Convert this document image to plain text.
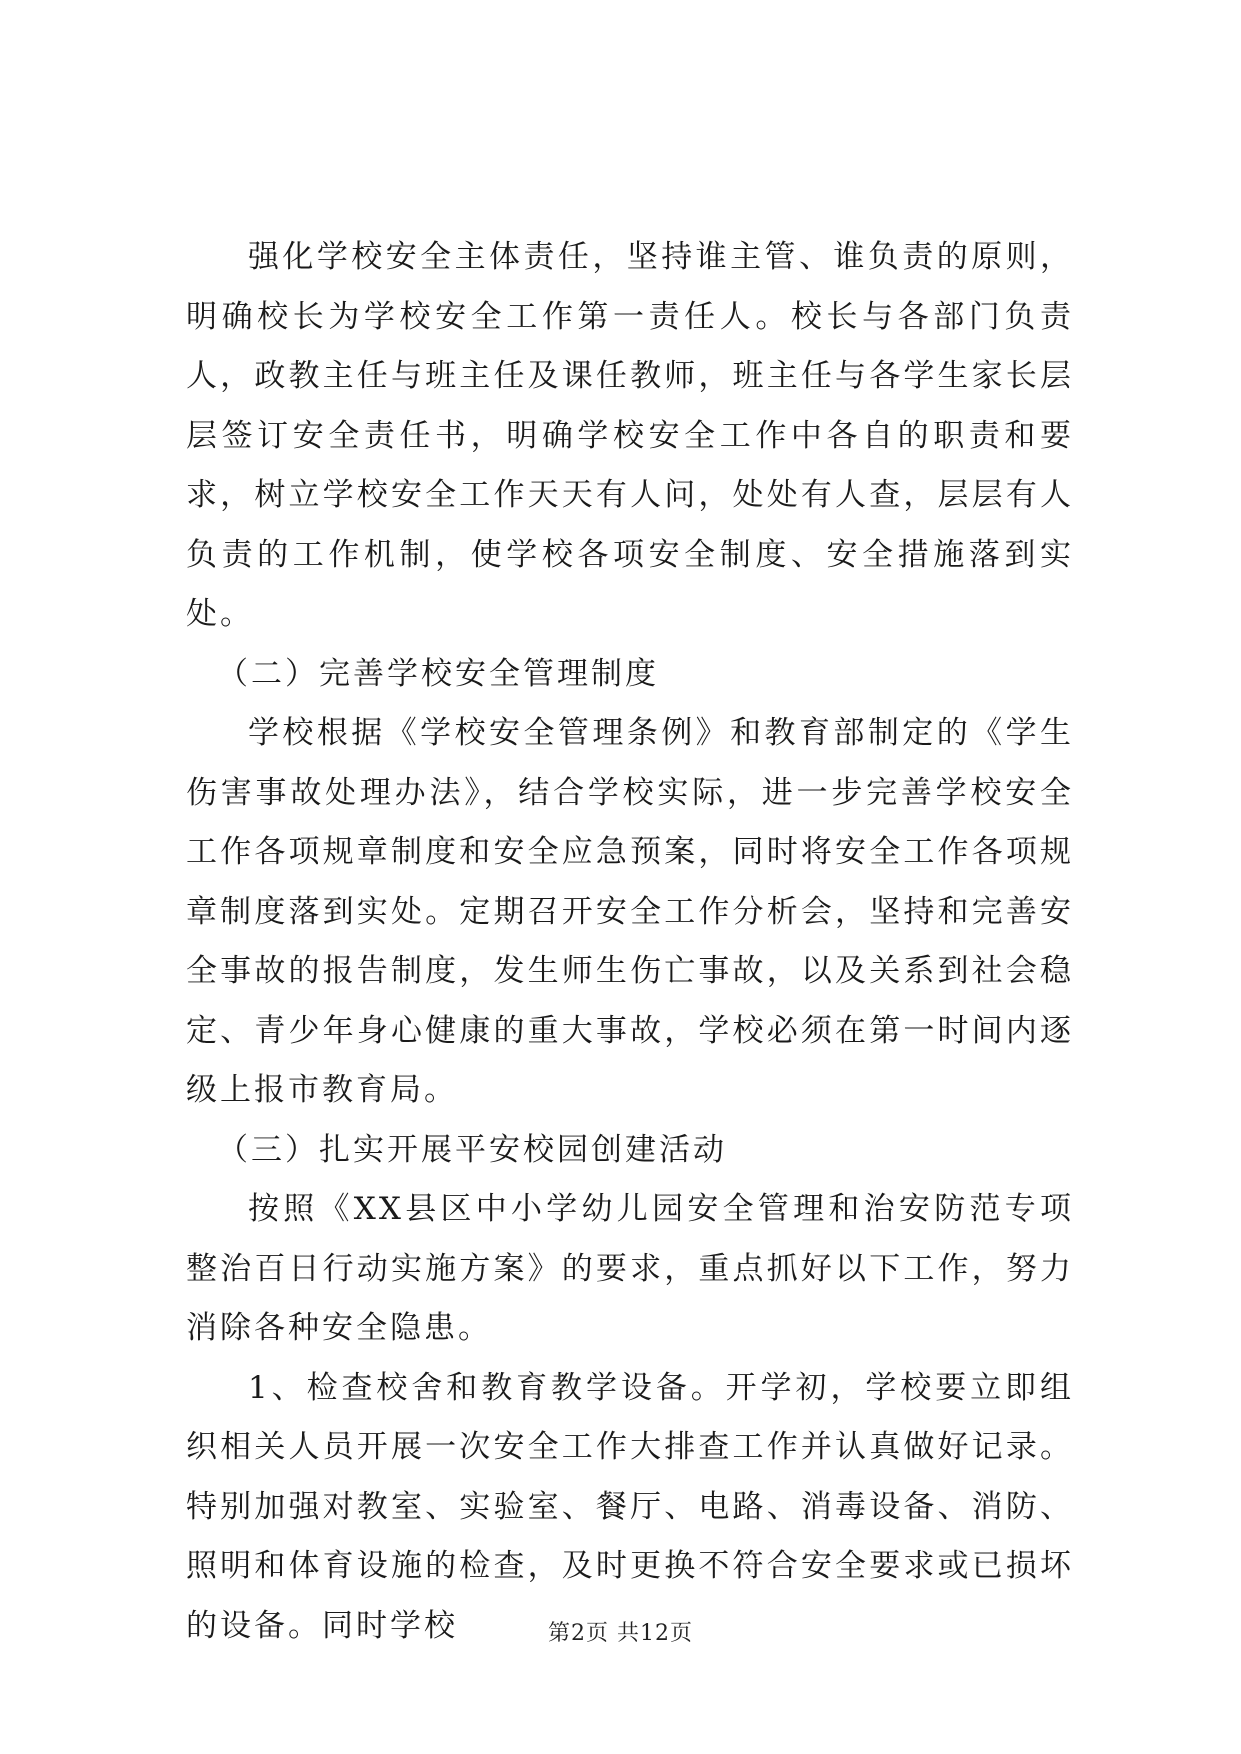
强化学校安全主体责任，坚持谁主管、谁负责的原则，明确校长为学校安全工作第一责任人。校长与各部门负责人，政教主任与班主任及课任教师，班主任与各学生家长层层签订安全责任书，明确学校安全工作中各自的职责和要求，树立学校安全工作天天有人问，处处有人查，层层有人负责的工作机制，使学校各项安全制度、安全措施落到实处。

（二）完善学校安全管理制度

学校根据《学校安全管理条例》和教育部制定的《学生伤害事故处理办法》，结合学校实际，进一步完善学校安全工作各项规章制度和安全应急预案，同时将安全工作各项规章制度落到实处。定期召开安全工作分析会，坚持和完善安全事故的报告制度，发生师生伤亡事故，以及关系到社会稳定、青少年身心健康的重大事故，学校必须在第一时间内逐级上报市教育局。

（三）扎实开展平安校园创建活动

按照《XX县区中小学幼儿园安全管理和治安防范专项整治百日行动实施方案》的要求，重点抓好以下工作，努力消除各种安全隐患。

1、检查校舍和教育教学设备。开学初，学校要立即组织相关人员开展一次安全工作大排查工作并认真做好记录。特别加强对教室、实验室、餐厅、电路、消毒设备、消防、照明和体育设施的检查，及时更换不符合安全要求或已损坏的设备。同时学校	第2页 共12页
